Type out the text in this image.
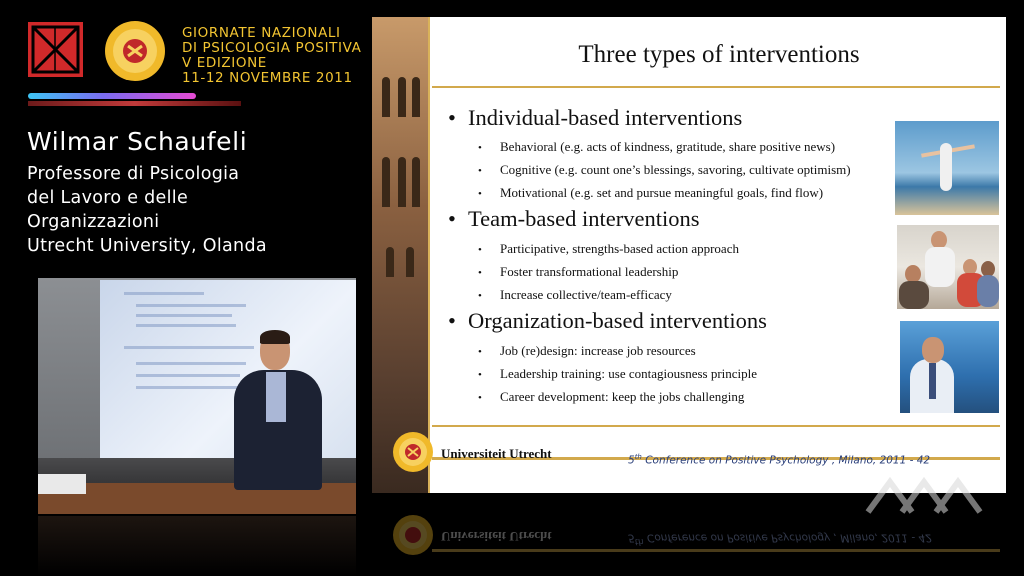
GIORNATE NAZIONALI
DI PSICOLOGIA POSITIVA
V EDIZIONE
11-12 NOVEMBRE 2011
Wilmar Schaufeli
Professore di Psicologia
del Lavoro e delle
Organizzazioni
Utrecht University, Olanda
Three types of interventions
• Individual-based interventions
• Behavioral (e.g. acts of kindness, gratitude, share positive news)
• Cognitive (e.g. count one’s blessings, savoring, cultivate optimism)
• Motivational (e.g. set and pursue meaningful goals, find flow)
• Team-based interventions
• Participative, strengths-based action approach
• Foster transformational leadership
• Increase collective/team-efficacy
• Organization-based interventions
• Job (re)design: increase job resources
• Leadership training: use contagiousness principle
• Career development: keep the jobs challenging
Universiteit Utrecht	5th Conference on Positive Psychology , Milano, 2011 - 42
Universiteit Utrecht	5th Conference on Positive Psychology , Milano, 2011 - 42
